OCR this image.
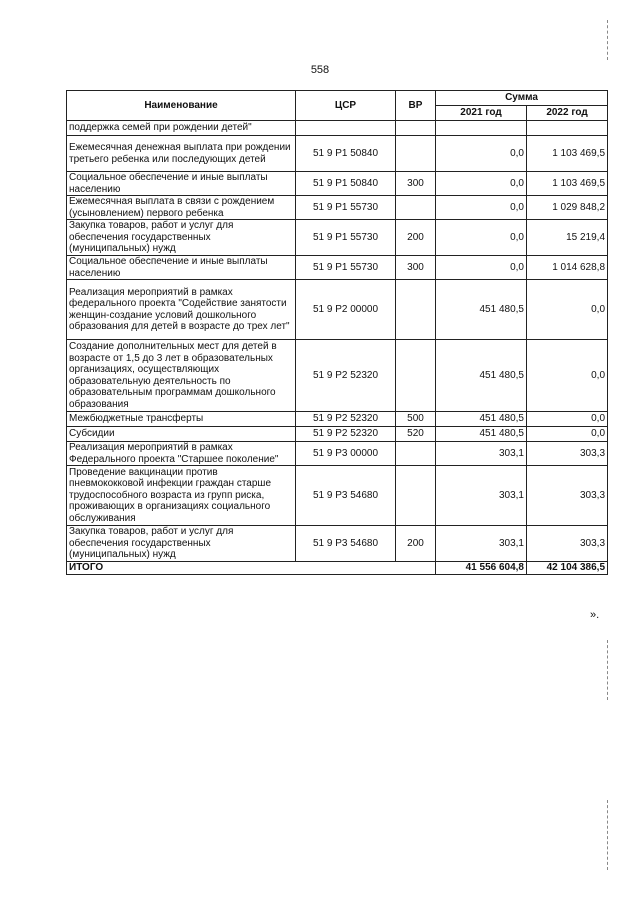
558
Наименование	ЦСР	ВР	Сумма	
			2021 год	2022 год
поддержка семей при рождении детей"				
Ежемесячная денежная выплата при рождении третьего ребенка или последующих детей	51 9 Р1 50840		0,0	1 103 469,5
Социальное обеспечение и иные выплаты населению	51 9 Р1 50840	300	0,0	1 103 469,5
Ежемесячная выплата в связи с рождением (усыновлением) первого ребенка	51 9 Р1 55730		0,0	1 029 848,2
Закупка товаров, работ и услуг для обеспечения государственных (муниципальных) нужд	51 9 Р1 55730	200	0,0	15 219,4
Социальное обеспечение и иные выплаты населению	51 9 Р1 55730	300	0,0	1 014 628,8
Реализация мероприятий в рамках федерального проекта "Содействие занятости женщин-создание условий дошкольного образования для детей в возрасте до трех лет"	51 9 Р2 00000		451 480,5	0,0
Создание дополнительных мест для детей в возрасте от 1,5 до 3 лет в образовательных организациях, осуществляющих образовательную деятельность по образовательным программам дошкольного образования	51 9 Р2 52320		451 480,5	0,0
Межбюджетные трансферты	51 9 Р2 52320	500	451 480,5	0,0
Субсидии	51 9 Р2 52320	520	451 480,5	0,0
Реализация мероприятий в рамках Федерального проекта "Старшее поколение"	51 9 Р3 00000		303,1	303,3
Проведение вакцинации против пневмококковой инфекции граждан старше трудоспособного возраста из групп риска, проживающих в организациях социального обслуживания	51 9 Р3 54680		303,1	303,3
Закупка товаров, работ и услуг для обеспечения государственных (муниципальных) нужд	51 9 Р3 54680	200	303,1	303,3
ИТОГО			41 556 604,8	42 104 386,5
».
